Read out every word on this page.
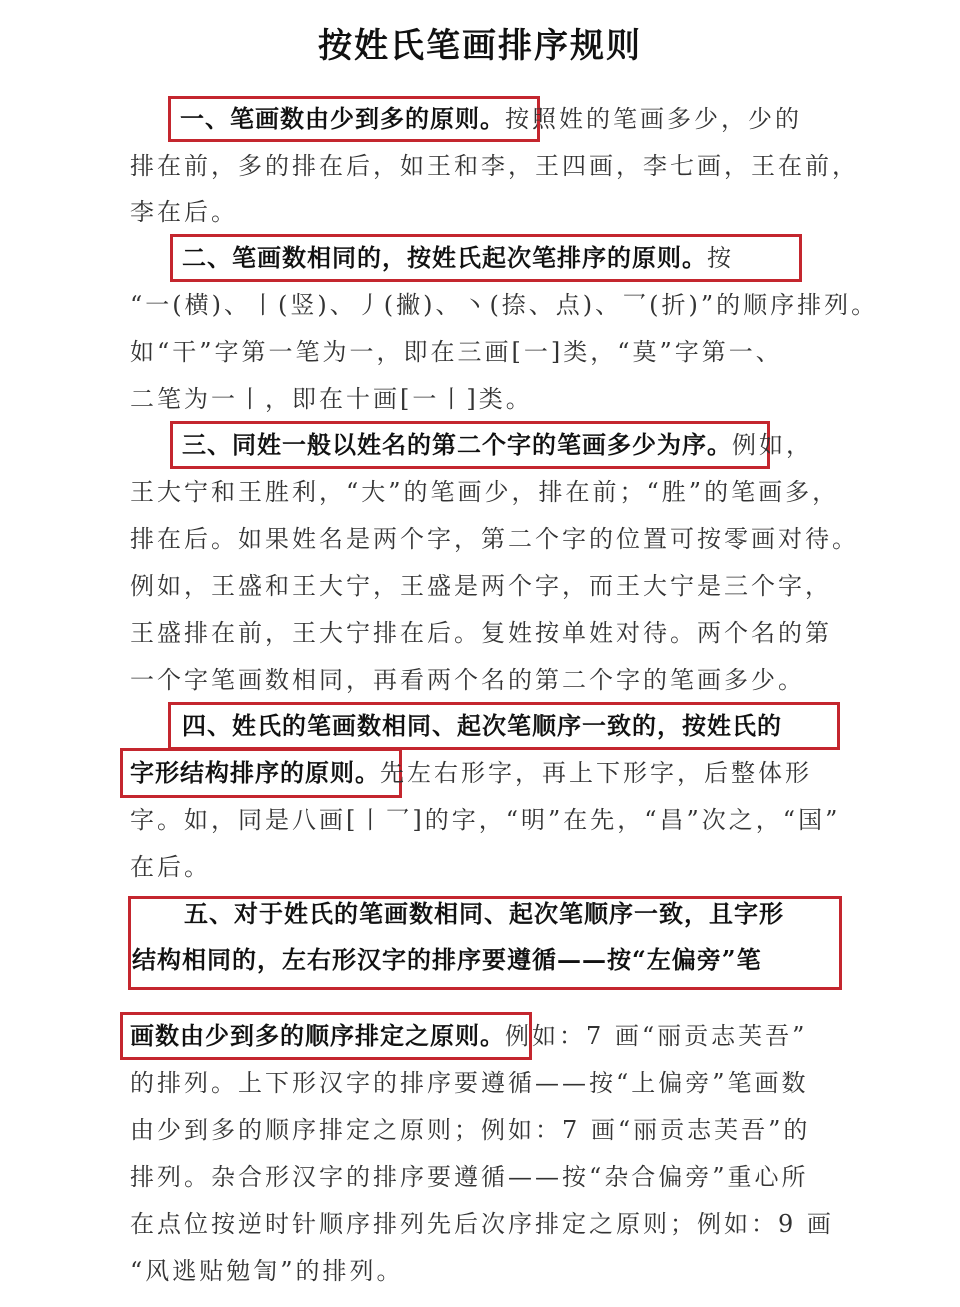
按姓氏笔画排序规则
一、笔画数由少到多的原则。按照姓的笔画多少，少的
排在前，多的排在后，如王和李，王四画，李七画，王在前，
李在后。
二、笔画数相同的，按姓氏起次笔排序的原则。按
“一(横)、丨(竖)、丿(撇)、丶(捺、点)、乛(折)”的顺序排列。
如“干”字第一笔为一，即在三画[一]类，“莫”字第一、
二笔为一丨，即在十画[一丨]类。
三、同姓一般以姓名的第二个字的笔画多少为序。例如，
王大宁和王胜利，“大”的笔画少，排在前；“胜”的笔画多，
排在后。如果姓名是两个字，第二个字的位置可按零画对待。
例如，王盛和王大宁，王盛是两个字，而王大宁是三个字，
王盛排在前，王大宁排在后。复姓按单姓对待。两个名的第
一个字笔画数相同，再看两个名的第二个字的笔画多少。
四、姓氏的笔画数相同、起次笔顺序一致的，按姓氏的
字形结构排序的原则。先左右形字，再上下形字，后整体形
字。如，同是八画[丨乛]的字，“明”在先，“昌”次之，“国”
在后。
五、对于姓氏的笔画数相同、起次笔顺序一致，且字形
结构相同的，左右形汉字的排序要遵循——按“左偏旁”笔
画数由少到多的顺序排定之原则。例如：7 画“丽贡志芙吾”
的排列。上下形汉字的排序要遵循——按“上偏旁”笔画数
由少到多的顺序排定之原则；例如：7 画“丽贡志芙吾”的
排列。杂合形汉字的排序要遵循——按“杂合偏旁”重心所
在点位按逆时针顺序排列先后次序排定之原则；例如：9 画
“风逃贴勉訇”的排列。
